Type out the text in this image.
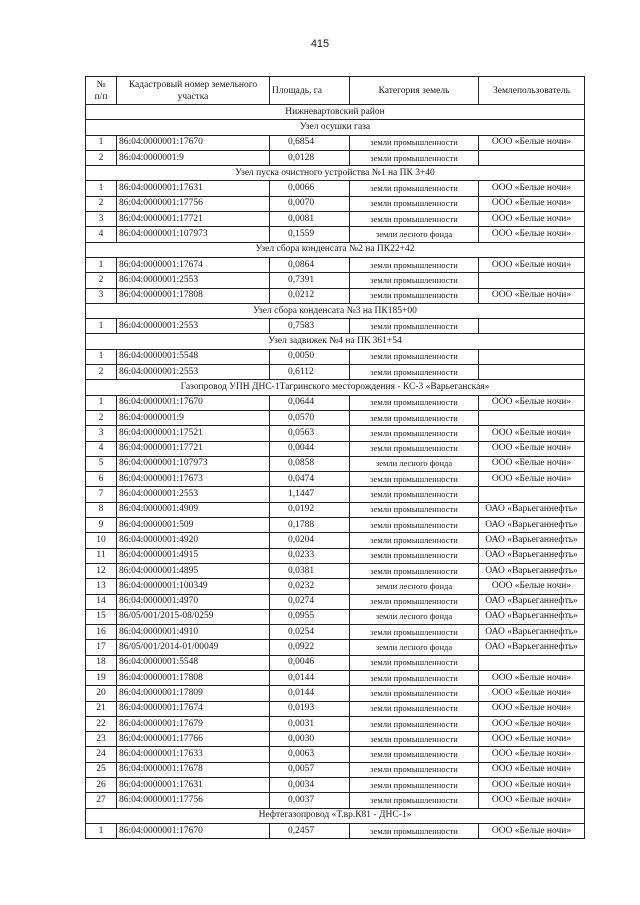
415
№
п/п	Кадастровый номер земельного участка	Площадь, га	Категория земель	Землепользователь
Нижневартовский район				
Узел осушки газа				
1	86:04:0000001:17670	0,6854	земли промышленности	ООО «Белые ночи»
2	86:04:0000001:9	0,0128	земли промышленности	
Узел пуска очистного устройства №1 на ПК 3+40				
1	86:04:0000001:17631	0,0066	земли промышленности	ООО «Белые ночи»
2	86:04:0000001:17756	0,0070	земли промышленности	ООО «Белые ночи»
3	86:04:0000001:17721	0,0081	земли промышленности	ООО «Белые ночи»
4	86:04:0000001:107973	0,1559	земли лесного фонда	ООО «Белые ночи»
Узел сбора конденсата №2 на ПК22+42				
1	86:04:0000001:17674	0,0864	земли промышленности	ООО «Белые ночи»
2	86:04:0000001:2553	0,7391	земли промышленности	
3	86:04:0000001:17808	0,0212	земли промышленности	ООО «Белые ночи»
Узел сбора конденсата №3 на ПК185+00				
1	86:04:0000001:2553	0,7583	земли промышленности	
Узел задвижек №4 на ПК 361+54				
1	86:04:0000001:5548	0,0050	земли промышленности	
2	86:04:0000001:2553	0,6112	земли промышленности	
Газопровод УПН ДНС-1Тагринского месторождения - КС-3 «Варьеганская»				
1	86:04:0000001:17670	0,0644	земли промышленности	ООО «Белые ночи»
2	86:04:0000001:9	0,0570	земли промышленности	
3	86:04:0000001:17521	0,0563	земли промышленности	ООО «Белые ночи»
4	86:04:0000001:17721	0,0044	земли промышленности	ООО «Белые ночи»
5	86:04:0000001:107973	0,0858	земли лесного фонда	ООО «Белые ночи»
6	86:04:0000001:17673	0,0474	земли промышленности	ООО «Белые ночи»
7	86:04:0000001:2553	1,1447	земли промышленности	
8	86:04:0000001:4909	0,0192	земли промышленности	ОАО «Варьеганнефть»
9	86:04:0000001:509	0,1788	земли промышленности	ОАО «Варьеганнефть»
10	86:04:0000001:4920	0,0204	земли промышленности	ОАО «Варьеганнефть»
11	86:04:0000001:4915	0,0233	земли промышленности	ОАО «Варьеганнефть»
12	86:04:0000001:4895	0,0381	земли промышленности	ОАО «Варьеганнефть»
13	86:04:0000001:100349	0,0232	земли лесного фонда	ООО «Белые ночи»
14	86:04:0000001:4970	0,0274	земли промышленности	ОАО «Варьеганнефть»
15	86/05/001/2015-08/0259	0,0955	земли лесного фонда	ОАО «Варьеганнефть»
16	86:04:0000001:4910	0,0254	земли промышленности	ОАО «Варьеганнефть»
17	86/05/001/2014-01/00049	0,0922	земли лесного фонда	ОАО «Варьеганнефть»
18	86:04:0000001:5548	0,0046	земли промышленности	
19	86:04:0000001:17808	0,0144	земли промышленности	ООО «Белые ночи»
20	86:04:0000001:17809	0,0144	земли промышленности	ООО «Белые ночи»
21	86:04:0000001:17674	0,0193	земли промышленности	ООО «Белые ночи»
22	86:04:0000001:17679	0,0031	земли промышленности	ООО «Белые ночи»
23	86:04:0000001:17766	0,0030	земли промышленности	ООО «Белые ночи»
24	86:04:0000001:17633	0,0063	земли промышленности	ООО «Белые ночи»
25	86:04:0000001:17678	0,0057	земли промышленности	ООО «Белые ночи»
26	86:04:0000001:17631	0,0034	земли промышленности	ООО «Белые ночи»
27	86:04:0000001:17756	0,0037	земли промышленности	ООО «Белые ночи»
Нефтегазопровод «Т.вр.К81 - ДНС-1»				
1	86:04:0000001:17670	0,2457	земли промышленности	ООО «Белые ночи»
